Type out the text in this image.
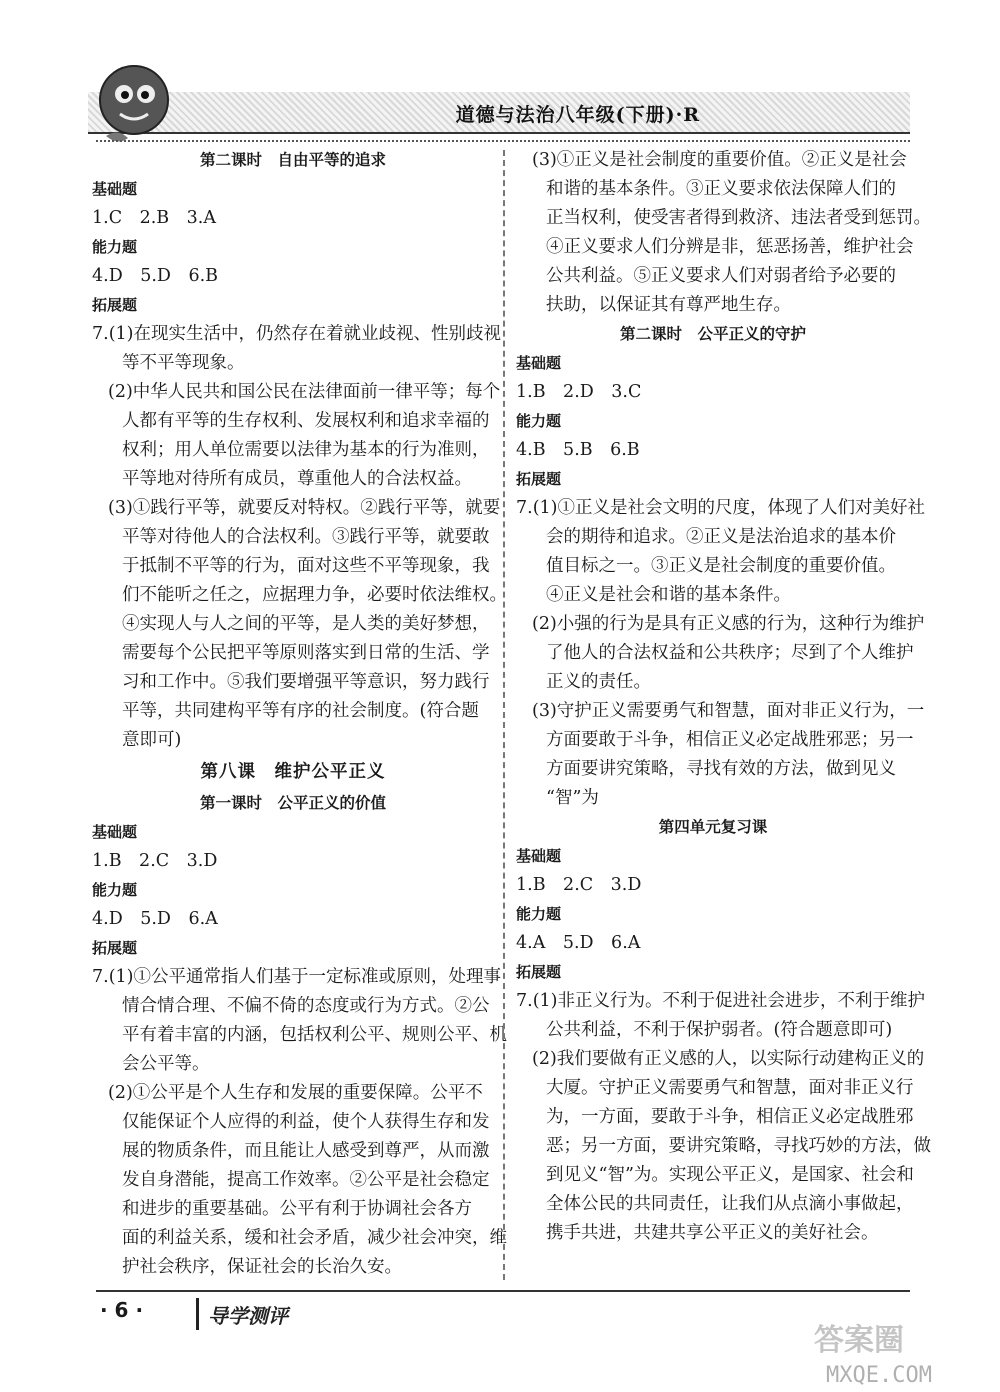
道德与法治八年级(下册)·R
第二课时　自由平等的追求
基础题
1.C　2.B　3.A
能力题
4.D　5.D　6.B
拓展题
7.(1)在现实生活中，仍然存在着就业歧视、性别歧视
等不平等现象。
(2)中华人民共和国公民在法律面前一律平等；每个
人都有平等的生存权利、发展权利和追求幸福的
权利；用人单位需要以法律为基本的行为准则，
平等地对待所有成员，尊重他人的合法权益。
(3)①践行平等，就要反对特权。②践行平等，就要
平等对待他人的合法权利。③践行平等，就要敢
于抵制不平等的行为，面对这些不平等现象，我
们不能听之任之，应据理力争，必要时依法维权。
④实现人与人之间的平等，是人类的美好梦想，
需要每个公民把平等原则落实到日常的生活、学
习和工作中。⑤我们要增强平等意识，努力践行
平等，共同建构平等有序的社会制度。(符合题
意即可)
第八课　维护公平正义
第一课时　公平正义的价值
基础题
1.B　2.C　3.D
能力题
4.D　5.D　6.A
拓展题
7.(1)①公平通常指人们基于一定标准或原则，处理事
情合情合理、不偏不倚的态度或行为方式。②公
平有着丰富的内涵，包括权利公平、规则公平、机
会公平等。
(2)①公平是个人生存和发展的重要保障。公平不
仅能保证个人应得的利益，使个人获得生存和发
展的物质条件，而且能让人感受到尊严，从而激
发自身潜能，提高工作效率。②公平是社会稳定
和进步的重要基础。公平有利于协调社会各方
面的利益关系，缓和社会矛盾，减少社会冲突，维
护社会秩序，保证社会的长治久安。
(3)①正义是社会制度的重要价值。②正义是社会
和谐的基本条件。③正义要求依法保障人们的
正当权利，使受害者得到救济、违法者受到惩罚。
④正义要求人们分辨是非，惩恶扬善，维护社会
公共利益。⑤正义要求人们对弱者给予必要的
扶助，以保证其有尊严地生存。
第二课时　公平正义的守护
基础题
1.B　2.D　3.C
能力题
4.B　5.B　6.B
拓展题
7.(1)①正义是社会文明的尺度，体现了人们对美好社
会的期待和追求。②正义是法治追求的基本价
值目标之一。③正义是社会制度的重要价值。
④正义是社会和谐的基本条件。
(2)小强的行为是具有正义感的行为，这种行为维护
了他人的合法权益和公共秩序；尽到了个人维护
正义的责任。
(3)守护正义需要勇气和智慧，面对非正义行为，一
方面要敢于斗争，相信正义必定战胜邪恶；另一
方面要讲究策略，寻找有效的方法，做到见义
“智”为
第四单元复习课
基础题
1.B　2.C　3.D
能力题
4.A　5.D　6.A
拓展题
7.(1)非正义行为。不利于促进社会进步，不利于维护
公共利益，不利于保护弱者。(符合题意即可)
(2)我们要做有正义感的人，以实际行动建构正义的
大厦。守护正义需要勇气和智慧，面对非正义行
为，一方面，要敢于斗争，相信正义必定战胜邪
恶；另一方面，要讲究策略，寻找巧妙的方法，做
到见义“智”为。实现公平正义，是国家、社会和
全体公民的共同责任，让我们从点滴小事做起，
携手共进，共建共享公平正义的美好社会。
· 6 ·	导学测评
答案圈
MXQE.COM
